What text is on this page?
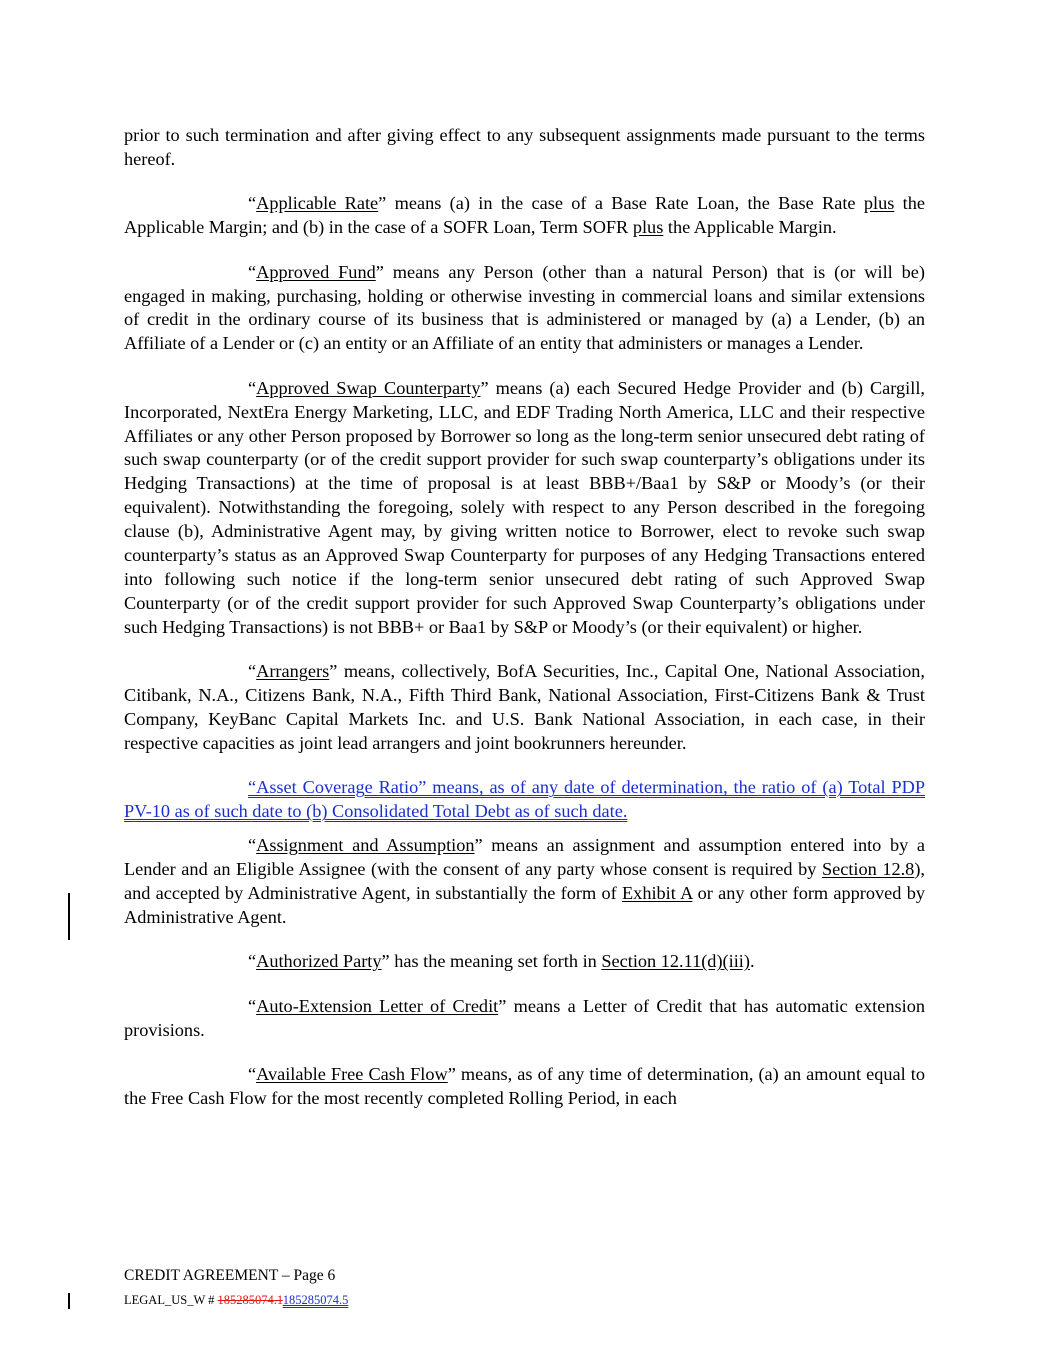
prior to such termination and after giving effect to any subsequent assignments made pursuant to the terms hereof.

“Applicable Rate” means (a) in the case of a Base Rate Loan, the Base Rate plus the Applicable Margin; and (b) in the case of a SOFR Loan, Term SOFR plus the Applicable Margin.

“Approved Fund” means any Person (other than a natural Person) that is (or will be) engaged in making, purchasing, holding or otherwise investing in commercial loans and similar extensions of credit in the ordinary course of its business that is administered or managed by (a) a Lender, (b) an Affiliate of a Lender or (c) an entity or an Affiliate of an entity that administers or manages a Lender.

“Approved Swap Counterparty” means (a) each Secured Hedge Provider and (b) Cargill, Incorporated, NextEra Energy Marketing, LLC, and EDF Trading North America, LLC and their respective Affiliates or any other Person proposed by Borrower so long as the long-term senior unsecured debt rating of such swap counterparty (or of the credit support provider for such swap counterparty’s obligations under its Hedging Transactions) at the time of proposal is at least BBB+/Baa1 by S&P or Moody’s (or their equivalent). Notwithstanding the foregoing, solely with respect to any Person described in the foregoing clause (b), Administrative Agent may, by giving written notice to Borrower, elect to revoke such swap counterparty’s status as an Approved Swap Counterparty for purposes of any Hedging Transactions entered into following such notice if the long-term senior unsecured debt rating of such Approved Swap Counterparty (or of the credit support provider for such Approved Swap Counterparty’s obligations under such Hedging Transactions) is not BBB+ or Baa1 by S&P or Moody’s (or their equivalent) or higher.

“Arrangers” means, collectively, BofA Securities, Inc., Capital One, National Association, Citibank, N.A., Citizens Bank, N.A., Fifth Third Bank, National Association, First-Citizens Bank & Trust Company, KeyBanc Capital Markets Inc. and U.S. Bank National Association, in each case, in their respective capacities as joint lead arrangers and joint bookrunners hereunder.

“Asset Coverage Ratio” means, as of any date of determination, the ratio of (a) Total PDP PV-10 as of such date to (b) Consolidated Total Debt as of such date.

“Assignment and Assumption” means an assignment and assumption entered into by a Lender and an Eligible Assignee (with the consent of any party whose consent is required by Section 12.8), and accepted by Administrative Agent, in substantially the form of Exhibit A or any other form approved by Administrative Agent.

“Authorized Party” has the meaning set forth in Section 12.11(d)(iii).

“Auto-Extension Letter of Credit” means a Letter of Credit that has automatic extension provisions.

“Available Free Cash Flow” means, as of any time of determination, (a) an amount equal to the Free Cash Flow for the most recently completed Rolling Period, in each

CREDIT AGREEMENT – Page 6
LEGAL_US_W # 185285074.1185285074.5
